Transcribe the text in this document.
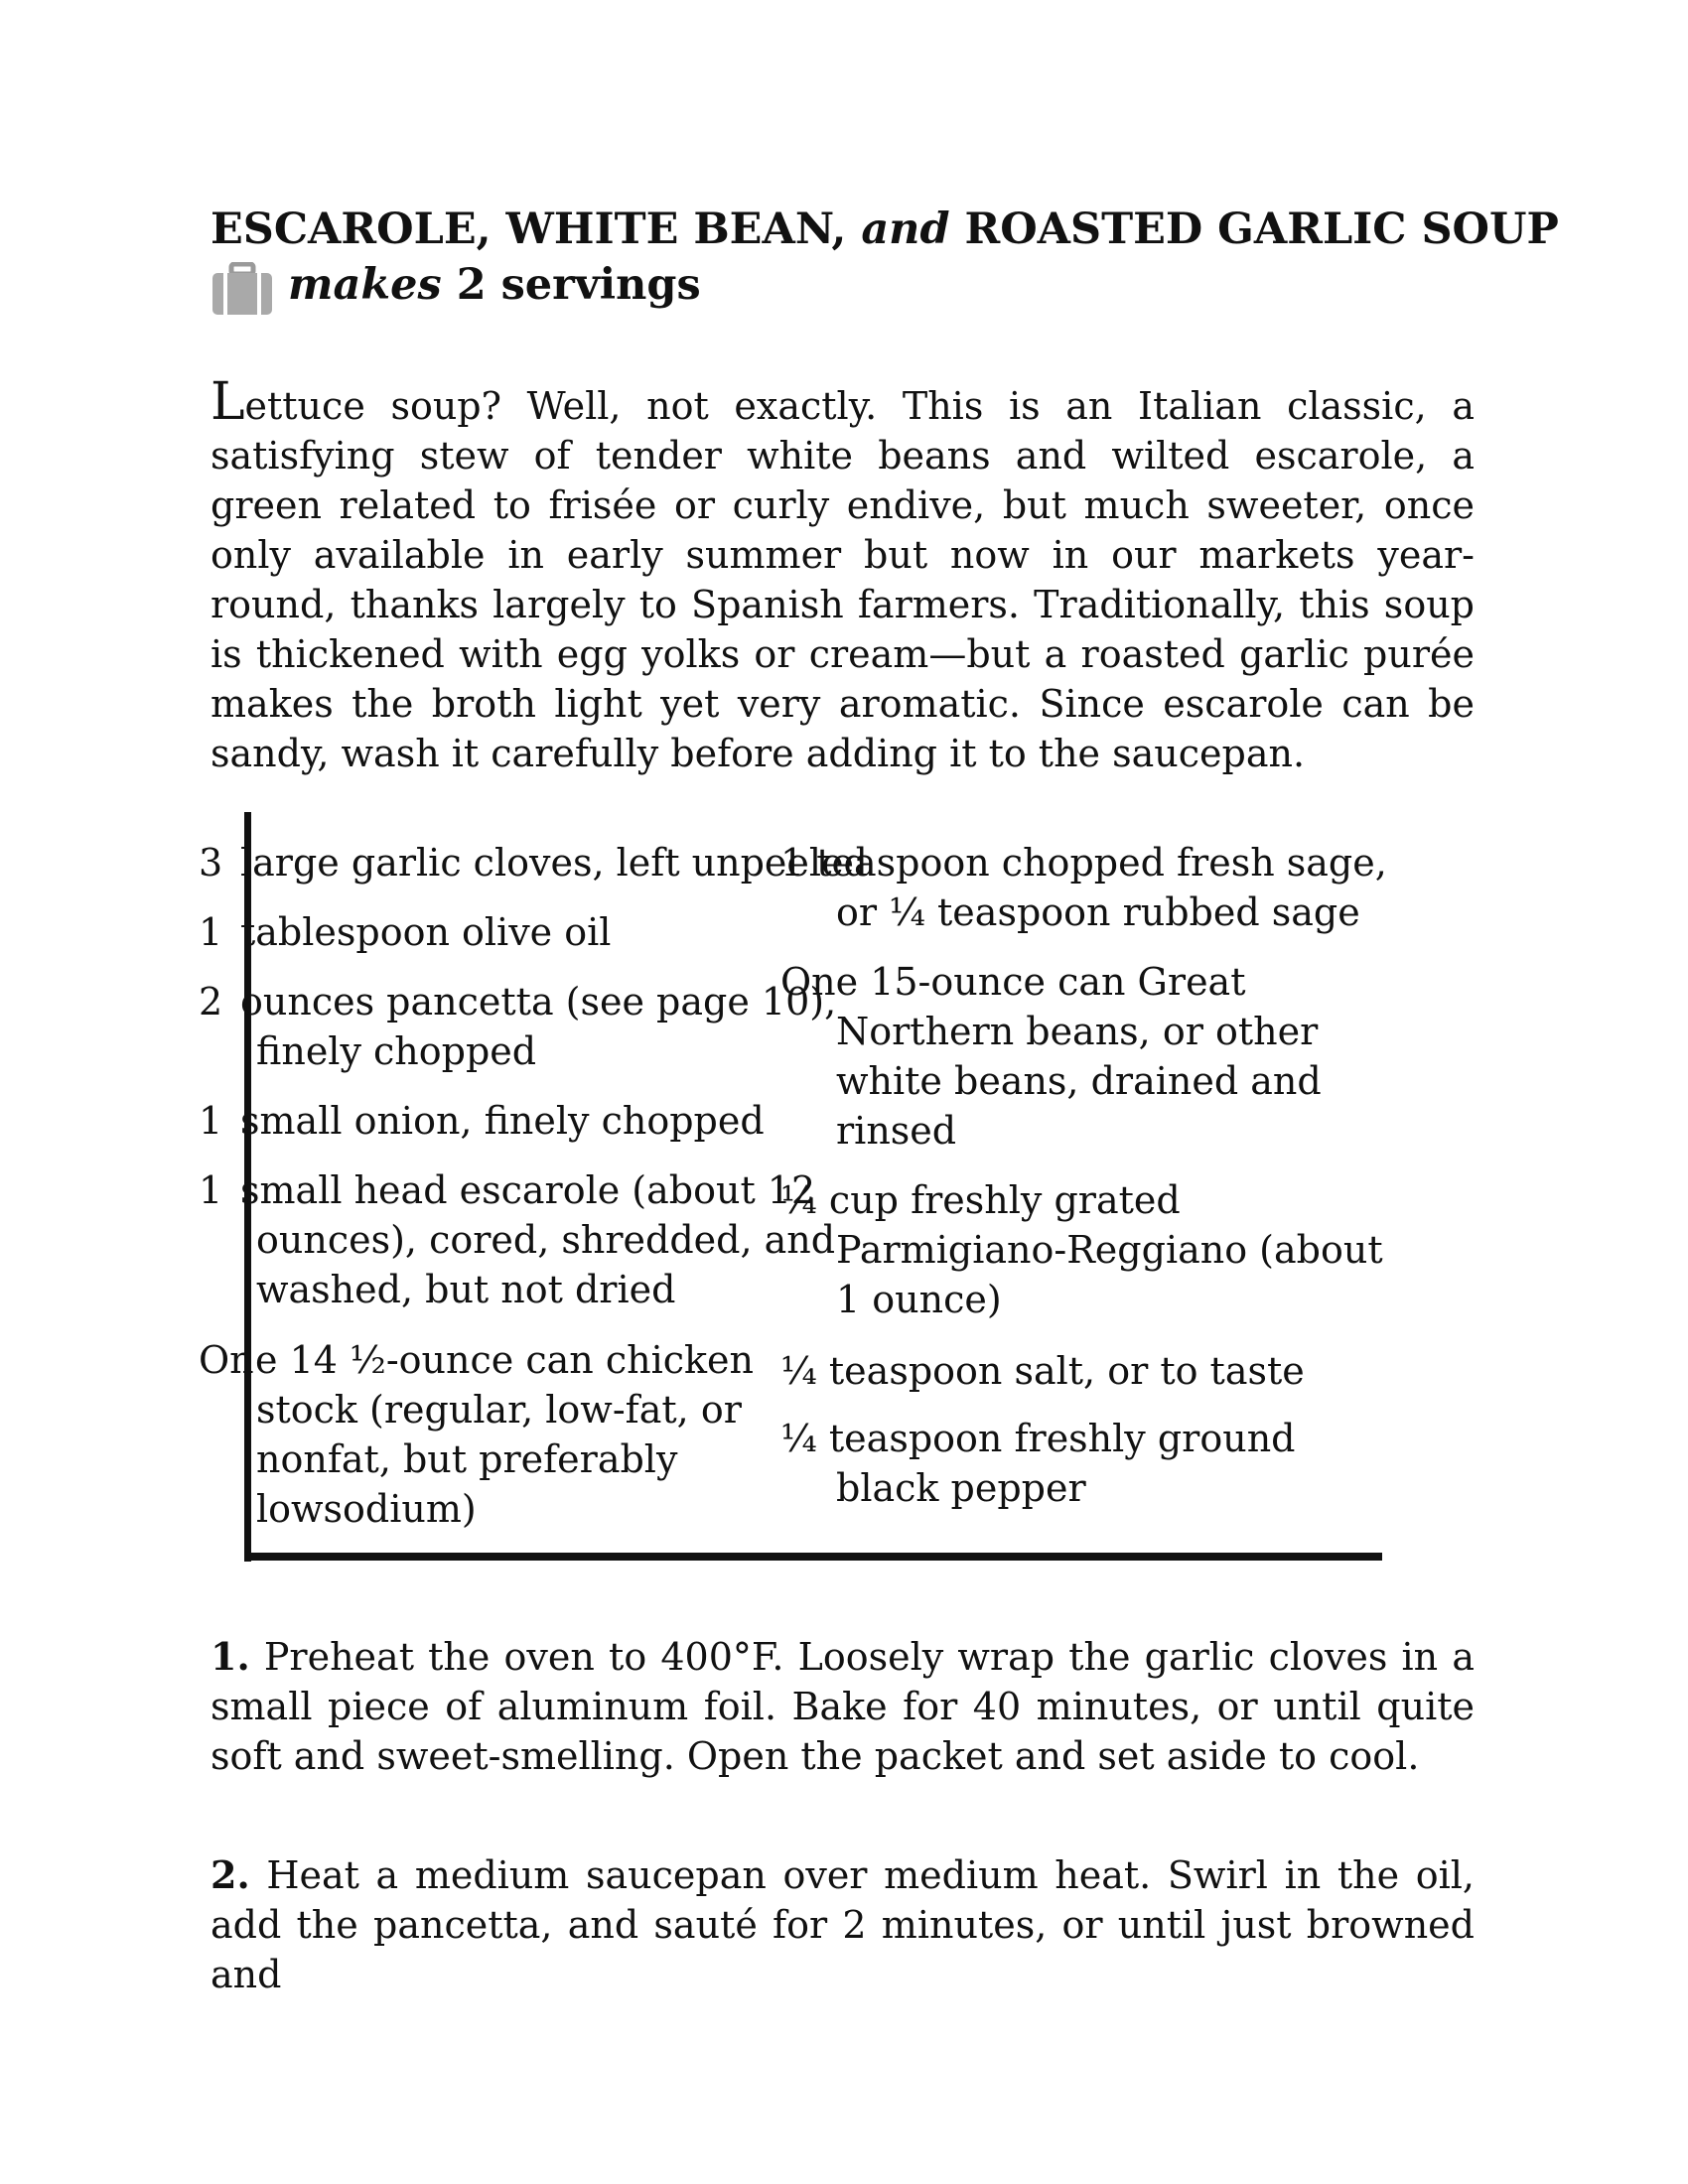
ESCAROLE, WHITE BEAN, and ROASTED GARLIC SOUP

makes 2 servings

Lettuce soup? Well, not exactly. This is an Italian classic, a satisfying stew of tender white beans and wilted escarole, a green related to frisée or curly endive, but much sweeter, once only available in early summer but now in our markets year-round, thanks largely to Spanish farmers. Traditionally, this soup is thickened with egg yolks or cream—but a roasted garlic purée makes the broth light yet very aromatic. Since escarole can be sandy, wash it carefully before adding it to the saucepan.

3 large garlic cloves, left unpeeled
1 tablespoon olive oil
2 ounces pancetta (see page 10),
finely chopped
1 small onion, finely chopped
1 small head escarole (about 12
ounces), cored, shredded, and
washed, but not dried
On e 14 ½-ounce can chicken
stock (regular, low-fat, or
nonfat, but preferably
lowsodium)
1 teaspoon chopped fresh sage,
or ¼ teaspoon rubbed sage
One 15-ounce can Great
Northern beans, or other
white beans, drained and
rinsed
¼ cup freshly grated
Parmigiano-Reggiano (about
1 ounce)
¼ teaspoon salt, or to taste
¼ teaspoon freshly ground
black pepper

1. Preheat the oven to 400°F. Loosely wrap the garlic cloves in a small piece of aluminum foil. Bake for 40 minutes, or until quite soft and sweet-smelling. Open the packet and set aside to cool.

2. Heat a medium saucepan over medium heat. Swirl in the oil, add the pancetta, and sauté for 2 minutes, or until just browned and
